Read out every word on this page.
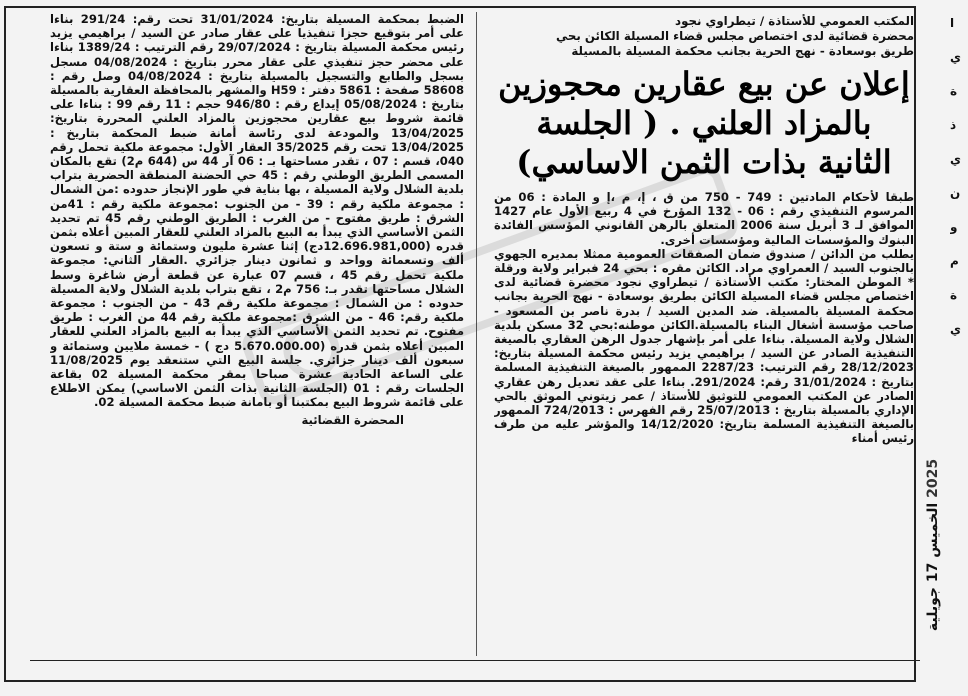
المكتب العمومي للأستاذة / تيطراوي نجود
محضرة قضائية لدى اختصاص مجلس قضاء المسيلة الكائن بحي
طريق بوسعادة - نهج الحرية بجانب محكمة المسيلة بالمسيلة
إعلان عن بيع عقارين محجوزين بالمزاد العلني . ( الجلسة الثانية بذات الثمن الاساسي)
طبقا لأحكام المادتين : 749 - 750 من ق ، إ، م ،إ و المادة : 06 من المرسوم التنفيذي رقم : 06 - 132 المؤرخ في 4 ربيع الأول عام 1427 الموافق لـ 3 أبريل سنة 2006 المتعلق بالرهن القانوني المؤسس الفائدة البنوك والمؤسسات المالية ومؤسسات أخرى.
يطلب من الدائن / صندوق ضمان الصفقات العمومية ممثلا بمديره الجهوي بالجنوب السيد / العمراوي مراد. الكائن مقره : بحي 24 فبراير ولاية ورقلة * الموطن المختار: مكتب الأستاذة / تيطراوي نجود محضرة قضائية لدى اختصاص مجلس قضاء المسيلة الكائن بطريق بوسعادة - نهج الحرية بجانب محكمة المسيلة بالمسيلة. ضد المدين السيد / بدرة ناصر بن المسعود - صاحب مؤسسة أشغال البناء بالمسيلة.الكائن موطنه:بحي 32 مسكن بلدية الشلال ولاية المسيلة. بناءا على أمر بإشهار جدول الرهن العقاري بالصيغة التنفيذية الصادر عن السيد / براهيمي يزيد رئيس محكمة المسيلة بتاريخ: 28/12/2023 رقم الترتيب: 2287/23 الممهور بالصيغة التنفيذية المسلمة بتاريخ : 31/01/2024 رقم: 291/2024. بناءا على عقد تعديل رهن عقاري الصادر عن المكتب العمومي للتوثيق للأستاذ / عمر زيتوني الموثق بالحي الإداري بالمسيلة بتاريخ : 25/07/2013 رقم الفهرس : 724/2013 الممهور بالصيغة التنفيذية المسلمة بتاريخ: 14/12/2020 والمؤشر عليه من طرف رئيس أمناء
الضبط بمحكمة المسيلة بتاريخ: 31/01/2024 تحت رقم: 291/24 بناءا على أمر بتوقيع حجزا تنفيذيا على عقار صادر عن السيد / براهيمي يزيد رئيس محكمة المسيلة بتاريخ : 29/07/2024 رقم الترتيب : 1389/24 بناءا على محضر حجز تنفيذي على عقار محرر بتاريخ : 04/08/2024 مسجل بسجل والطابع والتسجيل بالمسيلة بتاريخ : 04/08/2024 وصل رقم : 58608 صفحة : 5861 دفتر : H59 والمشهر بالمحافظة العقارية بالمسيلة بتاريخ : 05/08/2024 إيداع رقم : 946/80 حجم : 11 رقم 99 : بناءا على قائمة شروط بيع عقارين محجوزين بالمزاد العلني المحررة بتاريخ: 13/04/2025 والمودعة لدى رئاسة أمانة ضبط المحكمة بتاريخ : 13/04/2025 تحت رقم 35/2025 العقار الأول: مجموعة ملكية تحمل رقم 040، قسم : 07 ، تقدر مساحتها بـ : 06 آر 44 س (644 م2) تقع بالمكان المسمى الطريق الوطني رقم : 45 حي الحضنة المنطقة الحضرية بتراب بلدية الشلال ولاية المسيلة ، بها بناية في طور الإنجاز حدوده :من الشمال : مجموعة ملكية رقم : 39 - من الجنوب :مجموعة ملكية رقم : 41من الشرق : طريق مفتوح - من الغرب : الطريق الوطني رقم 45 تم تحديد الثمن الأساسي الذي يبدأ به البيع بالمزاد العلني للعقار المبين أعلاه بثمن قدره (12.696.981,000دج) إثنا عشرة مليون وستمائة و ستة و تسعون ألف وتسعمائة وواحد و ثمانون دينار جزائري .العقار الثاني: مجموعة ملكية تحمل رقم 45 ، قسم 07 عبارة عن قطعة أرض شاغرة وسط الشلال مساحتها تقدر بـ: 756 م2 ، تقع بتراب بلدية الشلال ولاية المسيلة حدوده : من الشمال : مجموعة ملكية رقم 43 - من الجنوب : مجموعة ملكية رقم: 46 - من الشرق :مجموعة ملكية رقم 44 من الغرب : طريق مفتوح. تم تحديد الثمن الأساسي الذي يبدأ به البيع بالمزاد العلني للعقار المبين أعلاه بثمن قدره (5.670.000.00 دج ) - خمسة ملايين وستمائة و سبعون ألف دينار جزائري. جلسة البيع التي ستنعقد يوم 11/08/2025 على الساعة الحادية عشرة صباحا بمقر محكمة المسيلة 02 بقاعة الجلسات رقم : 01 (الجلسة الثانية بذات الثمن الاساسي) يمكن الاطلاع على قائمة شروط البيع بمكتبنا أو بامانة ضبط محكمة المسيلة 02.
المحضرة القضائية
2025 الخميس 17 جويلية
ا
ي
ة
ذ
ي
ن
و
م
ة
ي
